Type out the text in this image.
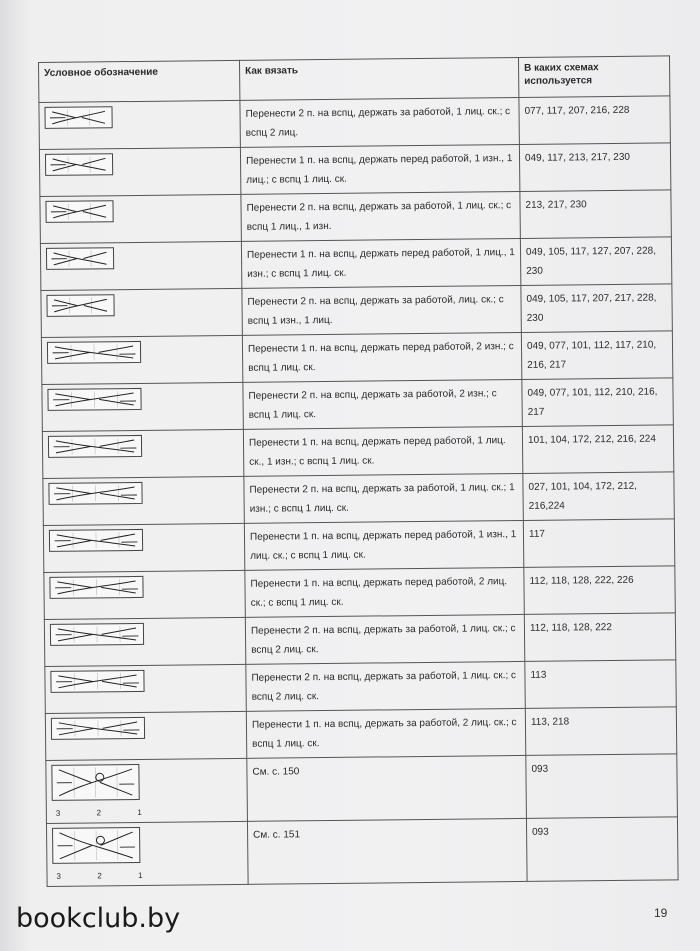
Условное обозначение	Как вязать	В каких схемах используется

	Перенести 2 п. на вспц, держать за работой, 1 лиц. ск.; с вспц 2 лиц.	077, 117, 207, 216, 228

	Перенести 1 п. на вспц, держать перед работой, 1 изн., 1 лиц.; с вспц 1 лиц. ск.	049, 117, 213, 217, 230

	Перенести 2 п. на вспц, держать за работой, 1 лиц. ск.; с вспц 1 лиц., 1 изн.	213, 217, 230

	Перенести 1 п. на вспц, держать перед работой, 1 лиц., 1 изн.; с вспц 1 лиц. ск.	049, 105, 117, 127, 207, 228, 230

	Перенести 2 п. на вспц, держать за работой, лиц. ск.; с вспц 1 изн., 1 лиц.	049, 105, 117, 207, 217, 228, 230

	Перенести 1 п. на вспц, держать перед работой, 2 изн.; с вспц 1 лиц. ск.	049, 077, 101, 112, 117, 210, 216, 217

	Перенести 2 п. на вспц, держать за работой, 2 изн.; с вспц 1 лиц. ск.	049, 077, 101, 112, 210, 216, 217

	Перенести 1 п. на вспц, держать перед работой, 1 лиц. ск., 1 изн.; с вспц 1 лиц. ск.	101, 104, 172, 212, 216, 224

	Перенести 2 п. на вспц, держать за работой, 1 лиц. ск.; 1 изн.; с вспц 1 лиц. ск.	027, 101, 104, 172, 212, 216,224

	Перенести 1 п. на вспц, держать перед работой, 1 изн., 1 лиц. ск.; с вспц 1 лиц. ск.	117

	Перенести 1 п. на вспц, держать перед работой, 2 лиц. ск.; с вспц 1 лиц. ск.	112, 118, 128, 222, 226

	Перенести 2 п. на вспц, держать за работой, 1 лиц. ск.; с вспц 2 лиц. ск.	112, 118, 128, 222

	Перенести 2 п. на вспц, держать за работой, 1 лиц. ск.; с вспц 2 лиц. ск.	113

	Перенести 1 п. на вспц, держать за работой, 2 лиц. ск.; с вспц 1 лиц. ск.	113, 218

3 2 1	См. с. 150	093

3 2 1	См. с. 151	093
bookclub.by	19
